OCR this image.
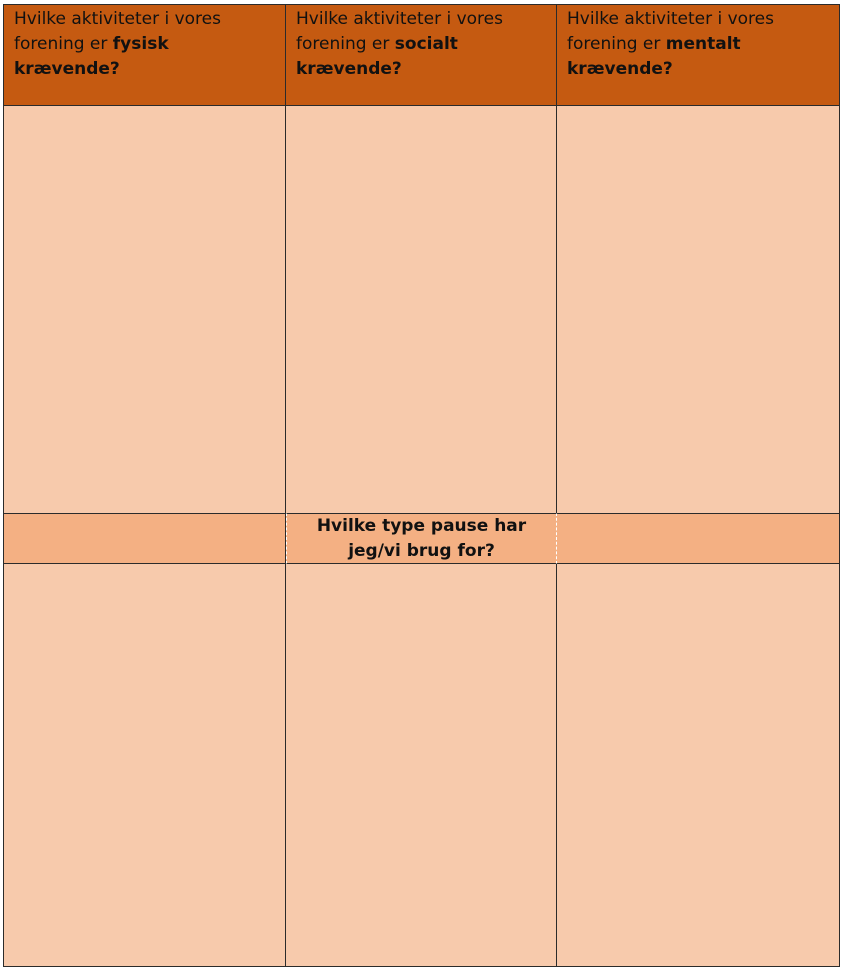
Hvilke aktiviteter i vores forening er fysisk
krævende?
Hvilke aktiviteter i vores forening er socialt
krævende?
Hvilke aktiviteter i vores forening er mentalt
krævende?
Hvilke type pause har
jeg/vi brug for?
